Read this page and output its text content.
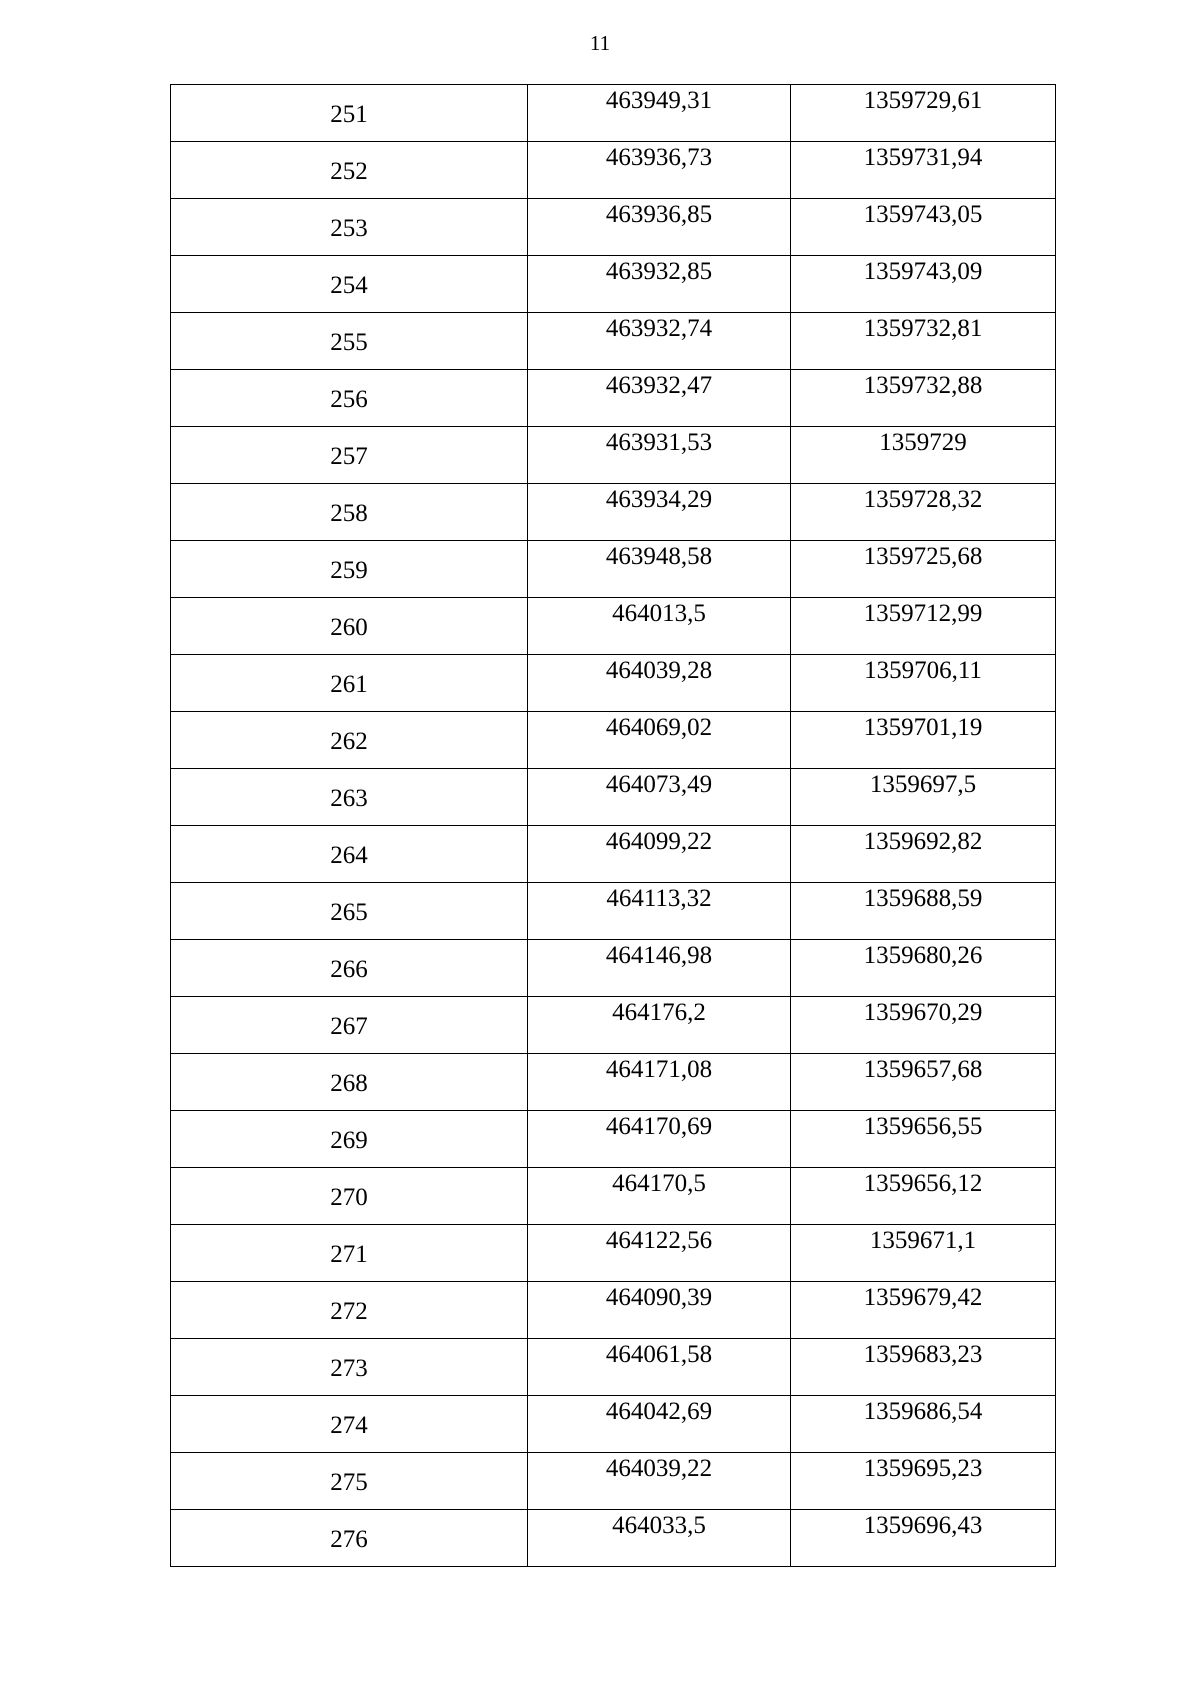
11
251	463949,31	1359729,61
252	463936,73	1359731,94
253	463936,85	1359743,05
254	463932,85	1359743,09
255	463932,74	1359732,81
256	463932,47	1359732,88
257	463931,53	1359729
258	463934,29	1359728,32
259	463948,58	1359725,68
260	464013,5	1359712,99
261	464039,28	1359706,11
262	464069,02	1359701,19
263	464073,49	1359697,5
264	464099,22	1359692,82
265	464113,32	1359688,59
266	464146,98	1359680,26
267	464176,2	1359670,29
268	464171,08	1359657,68
269	464170,69	1359656,55
270	464170,5	1359656,12
271	464122,56	1359671,1
272	464090,39	1359679,42
273	464061,58	1359683,23
274	464042,69	1359686,54
275	464039,22	1359695,23
276	464033,5	1359696,43
